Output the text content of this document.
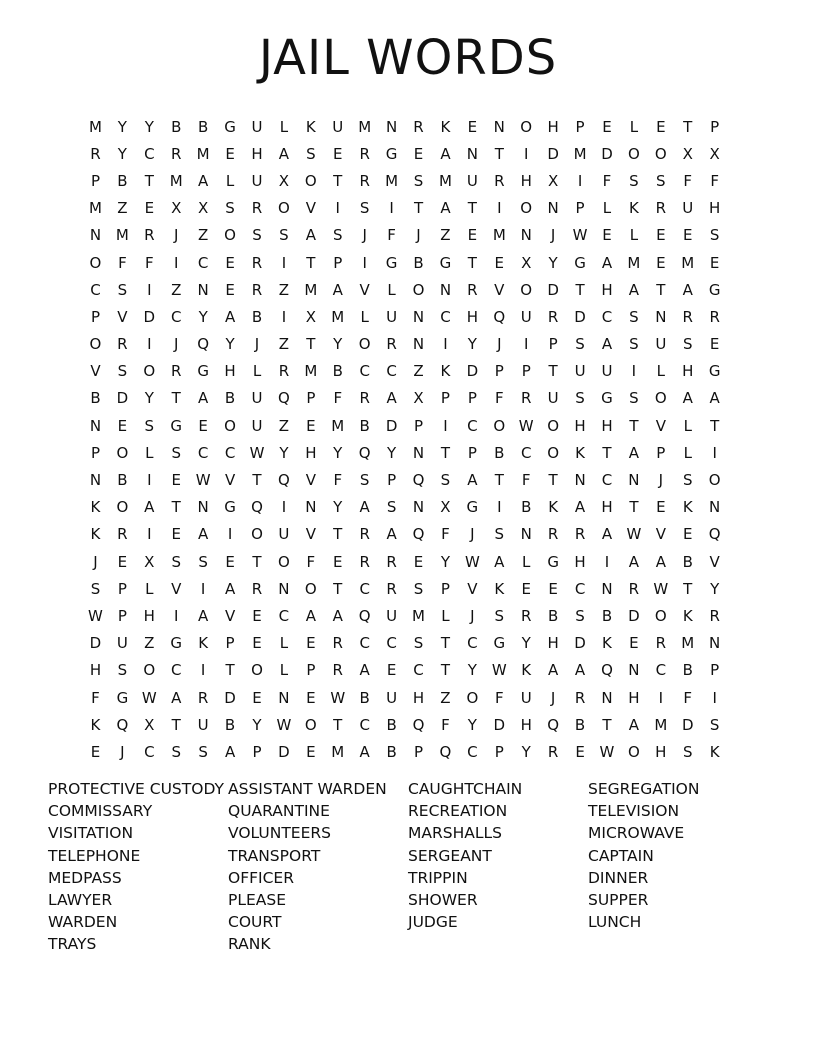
JAIL WORDS
M	Y	Y	B	B	G	U	L	K	U M N	R	K	E	N	O	H	P	E	L	E	T	P
R	Y	C	R	M	E	H	A	S	E	R	G	E	A	N	T	I	D M D	O	O	X	X
P	B	T	M	A	L	U	X	O	T	R	M	S	M U	R	H	X	I	F	S	S	F	F
M	Z	E	X	X	S	R	O	V	I	S	I	T	A	T	I	O	N	P	L	K	R	U	H
N M	R	J	Z	O	S	S	A	S	J	F	J	Z	E	M N	J	W E	L	E	E	S
O	F	F	I	C	E	R	I	T	P	I	G	B	G	T	E	X	Y	G	A	M	E	M	E
C	S	I	Z	N	E	R	Z	M	A	V	L	O	N	R	V	O	D	T	H	A	T	A	G
P	V	D	C	Y	A	B	I	X	M	L	U	N	C	H	Q	U	R	D	C	S	N	R	R
O	R	I	J	Q	Y	J	Z	T	Y	O	R	N	I	Y	J	I	P	S	A	S	U	S	E
V	S	O	R	G	H	L	R	M	B	C	C	Z	K	D	P	P	T	U	U	I	L	H	G
B	D	Y	T	A	B	U	Q	P	F	R	A	X	P	P	F	R	U	S	G	S	O	A	A
N	E	S	G	E	O	U	Z	E	M	B	D	P	I	C	O W O	H	H	T	V	L	T
P	O	L	S	C	C W Y	H	Y	Q	Y	N	T	P	B	C	O	K	T	A	P	L	I
N	B	I	E W V	T	Q	V	F	S	P	Q	S	A	T	F	T	N	C	N	J	S	O
K	O	A	T	N	G	Q	I	N	Y	A	S	N	X	G	I	B	K	A	H	T	E	K	N
K	R	I	E	A	I	O	U	V	T	R	A	Q	F	J	S	N	R	R	A W V	E	Q
J	E	X	S	S	E	T	O	F	E	R	R	E	Y W A	L	G	H	I	A	A	B	V
S	P	L	V	I	A	R	N	O	T	C	R	S	P	V	K	E	E	C	N	R W T	Y
W P	H	I	A	V	E	C	A	A	Q	U M	L	J	S	R	B	S	B	D	O	K	R
D	U	Z	G	K	P	E	L	E	R	C	C	S	T	C	G	Y	H	D	K	E	R	M N
H	S	O	C	I	T	O	L	P	R	A	E	C	T	Y W K	A	A	Q	N	C	B	P
F	G W A	R	D	E	N	E W B	U	H	Z	O	F	U	J	R	N	H	I	F	I
K	Q	X	T	U	B	Y W O	T	C	B	Q	F	Y	D	H	Q	B	T	A	M D	S
E	J	C	S	S	A	P	D	E	M	A	B	P	Q	C	P	Y	R	E W O	H	S	K
PROTECTIVE CUSTODY
COMMISSARY
VISITATION
TELEPHONE
MEDPASS
LAWYER
WARDEN
TRAYS
ASSISTANT WARDEN
QUARANTINE
VOLUNTEERS
TRANSPORT
OFFICER
PLEASE
COURT
RANK
CAUGHTCHAIN
RECREATION
MARSHALLS
SERGEANT
TRIPPIN
SHOWER
JUDGE
SEGREGATION
TELEVISION
MICROWAVE
CAPTAIN
DINNER
SUPPER
LUNCH
